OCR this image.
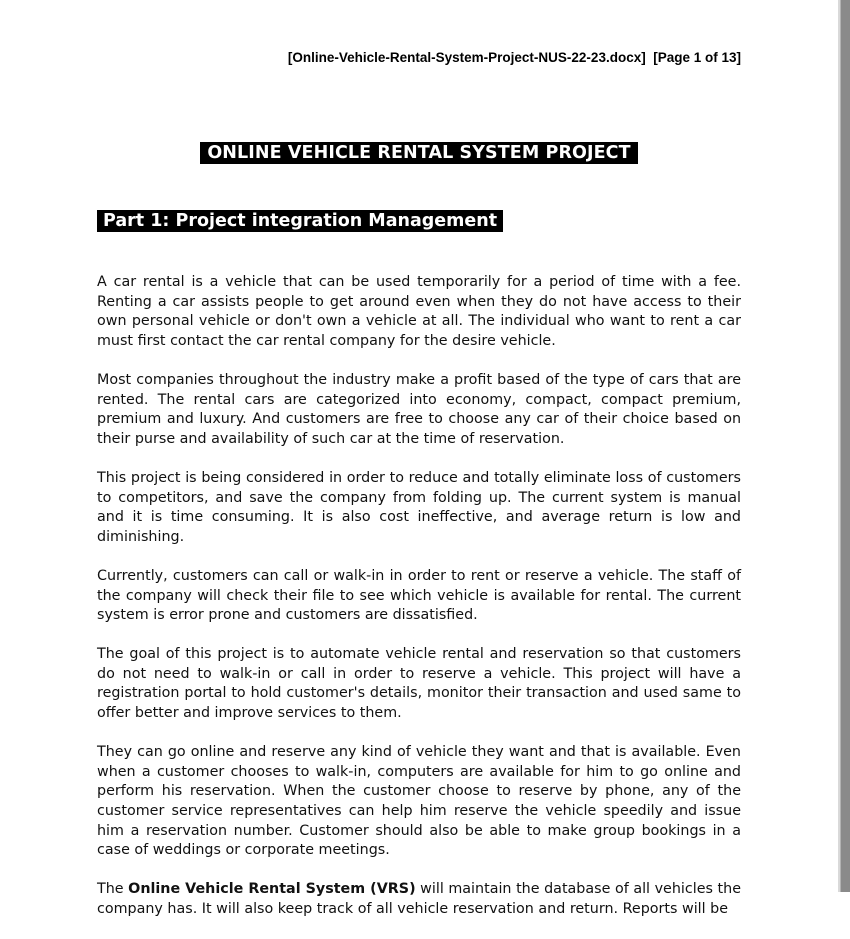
[Online-Vehicle-Rental-System-Project-NUS-22-23.docx] [Page 1 of 13]
ONLINE VEHICLE RENTAL SYSTEM PROJECT
Part 1: Project integration Management

A car rental is a vehicle that can be used temporarily for a period of time with a fee. Renting a car assists people to get around even when they do not have access to their own personal vehicle or don't own a vehicle at all. The individual who want to rent a car must first contact the car rental company for the desire vehicle.

Most companies throughout the industry make a profit based of the type of cars that are rented. The rental cars are categorized into economy, compact, compact premium, premium and luxury. And customers are free to choose any car of their choice based on their purse and availability of such car at the time of reservation.

This project is being considered in order to reduce and totally eliminate loss of customers to competitors, and save the company from folding up. The current system is manual and it is time consuming. It is also cost ineffective, and average return is low and diminishing.

Currently, customers can call or walk-in in order to rent or reserve a vehicle. The staff of the company will check their file to see which vehicle is available for rental. The current system is error prone and customers are dissatisfied.

The goal of this project is to automate vehicle rental and reservation so that customers do not need to walk-in or call in order to reserve a vehicle. This project will have a registration portal to hold customer's details, monitor their transaction and used same to offer better and improve services to them.

They can go online and reserve any kind of vehicle they want and that is available. Even when a customer chooses to walk-in, computers are available for him to go online and perform his reservation. When the customer choose to reserve by phone, any of the customer service representatives can help him reserve the vehicle speedily and issue him a reservation number. Customer should also be able to make group bookings in a case of weddings or corporate meetings.

The Online Vehicle Rental System (VRS) will maintain the database of all vehicles the company has. It will also keep track of all vehicle reservation and return. Reports will be
